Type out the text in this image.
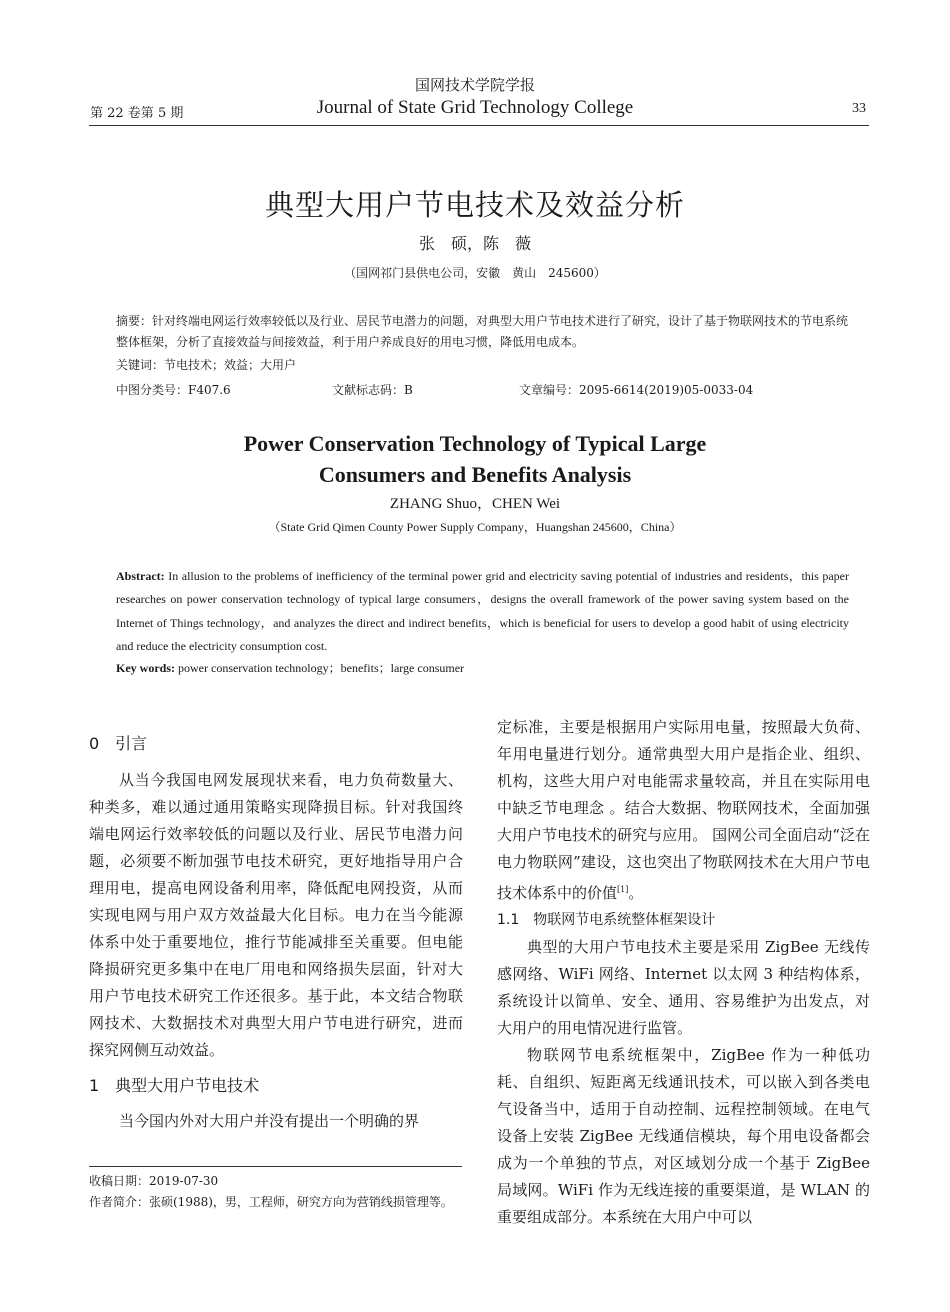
国网技术学院学报
第 22 卷第 5 期	Journal of State Grid Technology College	33
典型大用户节电技术及效益分析
张　硕，陈　薇
（国网祁门县供电公司，安徽　黄山　245600）
摘要：针对终端电网运行效率较低以及行业、居民节电潜力的问题，对典型大用户节电技术进行了研究，设计了基于物联网技术的节电系统整体框架，分析了直接效益与间接效益，利于用户养成良好的用电习惯，降低用电成本。
关键词：节电技术；效益；大用户
中图分类号：F407.6	文献标志码：B	文章编号：2095-6614(2019)05-0033-04
Power Conservation Technology of Typical Large
Consumers and Benefits Analysis
ZHANG Shuo，CHEN Wei
（State Grid Qimen County Power Supply Company，Huangshan 245600，China）
Abstract: In allusion to the problems of inefficiency of the terminal power grid and electricity saving potential of industries and residents，this paper researches on power conservation technology of typical large consumers，designs the overall framework of the power saving system based on the Internet of Things technology，and analyzes the direct and indirect benefits，which is beneficial for users to develop a good habit of using electricity and reduce the electricity consumption cost.
Key words: power conservation technology；benefits；large consumer
0　引言

从当今我国电网发展现状来看，电力负荷数量大、种类多，难以通过通用策略实现降损目标。针对我国终端电网运行效率较低的问题以及行业、居民节电潜力问题，必须要不断加强节电技术研究，更好地指导用户合理用电，提高电网设备利用率，降低配电网投资，从而实现电网与用户双方效益最大化目标。电力在当今能源体系中处于重要地位，推行节能减排至关重要。但电能降损研究更多集中在电厂用电和网络损失层面，针对大用户节电技术研究工作还很多。基于此，本文结合物联网技术、大数据技术对典型大用户节电进行研究，进而探究网侧互动效益。

1　典型大用户节电技术

当今国内外对大用户并没有提出一个明确的界

定标准，主要是根据用户实际用电量，按照最大负荷、年用电量进行划分。通常典型大用户是指企业、组织、机构，这些大用户对电能需求量较高，并且在实际用电中缺乏节电理念 。结合大数据、物联网技术，全面加强大用户节电技术的研究与应用。 国网公司全面启动“泛在电力物联网”建设，这也突出了物联网技术在大用户节电技术体系中的价值[1]。

1.1　物联网节电系统整体框架设计

典型的大用户节电技术主要是采用 ZigBee 无线传感网络、WiFi 网络、Internet 以太网 3 种结构体系，系统设计以简单、安全、通用、容易维护为出发点，对大用户的用电情况进行监管。

物联网节电系统框架中，ZigBee 作为一种低功耗、自组织、短距离无线通讯技术，可以嵌入到各类电气设备当中，适用于自动控制、远程控制领域。在电气设备上安装 ZigBee 无线通信模块，每个用电设备都会成为一个单独的节点，对区域划分成一个基于 ZigBee 局域网。WiFi 作为无线连接的重要渠道，是 WLAN 的重要组成部分。本系统在大用户中可以

收稿日期：2019-07-30
作者简介：张硕(1988)，男，工程师，研究方向为营销线损管理等。
